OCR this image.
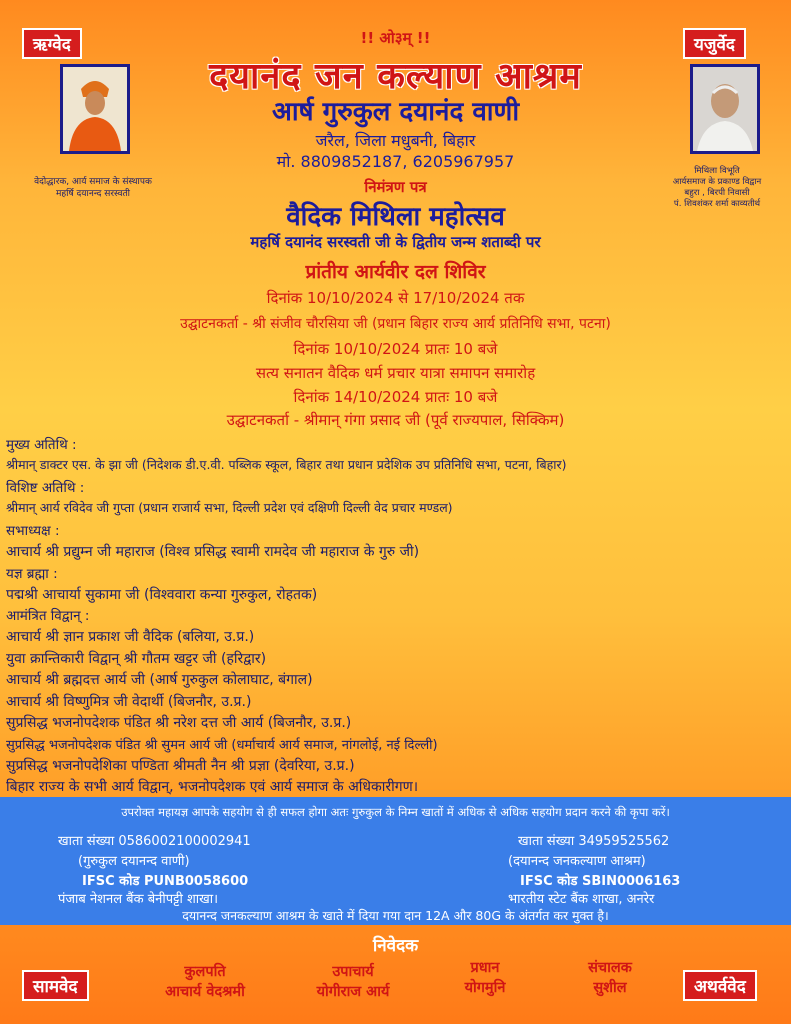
ऋग्वेद	यजुर्वेद
वेदोद्धारक, आर्य समाज के संस्थापक
महर्षि दयानन्द सरस्वती
मिथिला विभूति
आर्यसमाज के प्रकाण्ड विद्वान
बहुरा , बिरपी निवासी
पं. शिवशंकर शर्मा काव्यतीर्थ
!! ओ३म् !!
दयानंद जन कल्याण आश्रम
आर्ष गुरुकुल दयानंद वाणी
जरैल, जिला मधुबनी, बिहार
मो. 8809852187, 6205967957
निमंत्रण पत्र
वैदिक मिथिला महोत्सव
महर्षि दयानंद सरस्वती जी के द्वितीय जन्म शताब्दी पर
प्रांतीय आर्यवीर दल शिविर
दिनांक 10/10/2024 से 17/10/2024 तक
उद्घाटनकर्ता - श्री संजीव चौरसिया जी (प्रधान बिहार राज्य आर्य प्रतिनिधि सभा, पटना)
दिनांक 10/10/2024 प्रातः 10 बजे
सत्य सनातन वैदिक धर्म प्रचार यात्रा समापन समारोह
दिनांक 14/10/2024 प्रातः 10 बजे
उद्घाटनकर्ता - श्रीमान् गंगा प्रसाद जी (पूर्व राज्यपाल, सिक्किम)
मुख्य अतिथि :
श्रीमान् डाक्टर एस. के झा जी (निदेशक डी.ए.वी. पब्लिक स्कूल, बिहार तथा प्रधान प्रदेशिक उप प्रतिनिधि सभा, पटना, बिहार)
विशिष्ट अतिथि :
श्रीमान् आर्य रविदेव जी गुप्ता (प्रधान राजार्य सभा, दिल्ली प्रदेश एवं दक्षिणी दिल्ली वेद प्रचार मण्डल)
सभाध्यक्ष :
आचार्य श्री प्रद्युम्न जी महाराज (विश्व प्रसिद्ध स्वामी रामदेव जी महाराज के गुरु जी)
यज्ञ ब्रह्मा :
पद्मश्री आचार्या सुकामा जी (विश्ववारा कन्या गुरुकुल, रोहतक)
आमंत्रित विद्वान् :
आचार्य श्री ज्ञान प्रकाश जी वैदिक (बलिया, उ.प्र.)
युवा क्रान्तिकारी विद्वान् श्री गौतम खट्टर जी (हरिद्वार)
आचार्य श्री ब्रह्मदत्त आर्य जी (आर्ष गुरुकुल कोलाघाट, बंगाल)
आचार्य श्री विष्णुमित्र जी वेदार्थी (बिजनौर, उ.प्र.)
सुप्रसिद्ध भजनोपदेशक पंडित श्री नरेश दत्त जी आर्य (बिजनौर, उ.प्र.)
सुप्रसिद्ध भजनोपदेशक पंडित श्री सुमन आर्य जी (धर्माचार्य आर्य समाज, नांगलोई, नई दिल्ली)
सुप्रसिद्ध भजनोपदेशिका पण्डिता श्रीमती नैन श्री प्रज्ञा (देवरिया, उ.प्र.)
बिहार राज्य के सभी आर्य विद्वान्, भजनोपदेशक एवं आर्य समाज के अधिकारीगण।
उपरोक्त महायज्ञ आपके सहयोग से ही सफल होगा अतः गुरुकुल के निम्न खातों में अधिक से अधिक सहयोग प्रदान करने की कृपा करें।
खाता संख्या 0586002100002941
(गुरुकुल दयानन्द वाणी)
IFSC कोड PUNB0058600
पंजाब नेशनल बैंक बेनीपट्टी शाखा।
खाता संख्या 34959525562
(दयानन्द जनकल्याण आश्रम)
IFSC कोड SBIN0006163
भारतीय स्टेट बैंक शाखा, अनरेर
दयानन्द जनकल्याण आश्रम के खाते में दिया गया दान 12A और 80G के अंतर्गत कर मुक्त है।
निवेदक
सामवेद	अथर्ववेद
कुलपति
आचार्य वेदश्रमी
उपाचार्य
योगीराज आर्य
प्रधान
योगमुनि
संचालक
सुशील
